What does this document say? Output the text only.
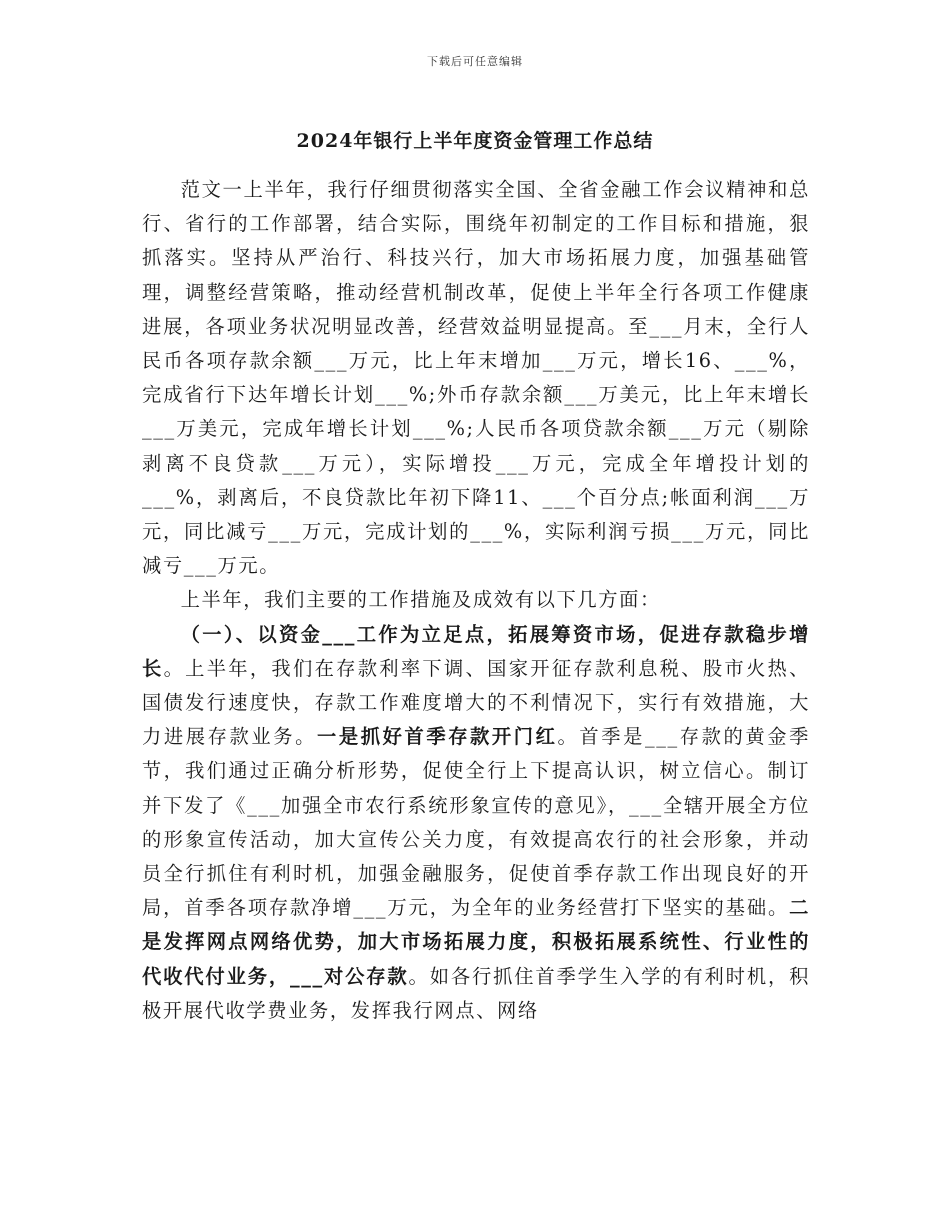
下载后可任意编辑
2024年银行上半年度资金管理工作总结

范文一上半年，我行仔细贯彻落实全国、全省金融工作会议精神和总行、省行的工作部署，结合实际，围绕年初制定的工作目标和措施，狠抓落实。坚持从严治行、科技兴行，加大市场拓展力度，加强基础管理，调整经营策略，推动经营机制改革，促使上半年全行各项工作健康进展，各项业务状况明显改善，经营效益明显提高。至___月末，全行人民币各项存款余额___万元，比上年末增加___万元，增长16、___%，完成省行下达年增长计划___%;外币存款余额___万美元，比上年末增长___万美元，完成年增长计划___%;人民币各项贷款余额___万元（剔除剥离不良贷款___万元），实际增投___万元，完成全年增投计划的___%，剥离后，不良贷款比年初下降11、___个百分点;帐面利润___万元，同比减亏___万元，完成计划的___%，实际利润亏损___万元，同比减亏___万元。

上半年，我们主要的工作措施及成效有以下几方面：

（一）、以资金___工作为立足点，拓展筹资市场，促进存款稳步增长。上半年，我们在存款利率下调、国家开征存款利息税、股市火热、国债发行速度快，存款工作难度增大的不利情况下，实行有效措施，大力进展存款业务。一是抓好首季存款开门红。首季是___存款的黄金季节，我们通过正确分析形势，促使全行上下提高认识，树立信心。制订并下发了《___加强全市农行系统形象宣传的意见》，___全辖开展全方位的形象宣传活动，加大宣传公关力度，有效提高农行的社会形象，并动员全行抓住有利时机，加强金融服务，促使首季存款工作出现良好的开局，首季各项存款净增___万元，为全年的业务经营打下坚实的基础。二是发挥网点网络优势，加大市场拓展力度，积极拓展系统性、行业性的代收代付业务，___对公存款。如各行抓住首季学生入学的有利时机，积极开展代收学费业务，发挥我行网点、网络
